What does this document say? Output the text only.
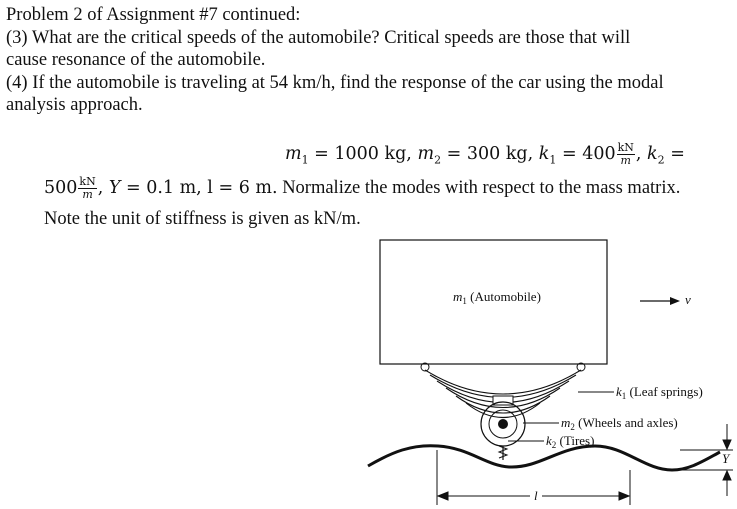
Problem 2 of Assignment #7 continued:
(3) What are the critical speeds of the automobile? Critical speeds are those that will
cause resonance of the automobile.
(4) If the automobile is traveling at 54 km/h, find the response of the car using the modal
analysis approach.
$m_1 = 1000$ kg, $m_2 = 300$ kg, $k_1 = 400 \frac{kN}{m}$ , $k_2$ =
$500 \frac{kN}{m}$ , Y = 0.1 m, l = 6 m. Normalize the modes with respect to the mass matrix.
Note the unit of stiffness is given as kN/m.
$m_1$ (Automobile)	v
$k_1$ (Leaf springs)
$m_2$ (Wheels and axles)
$k_2$ (Tires)
Y
l
